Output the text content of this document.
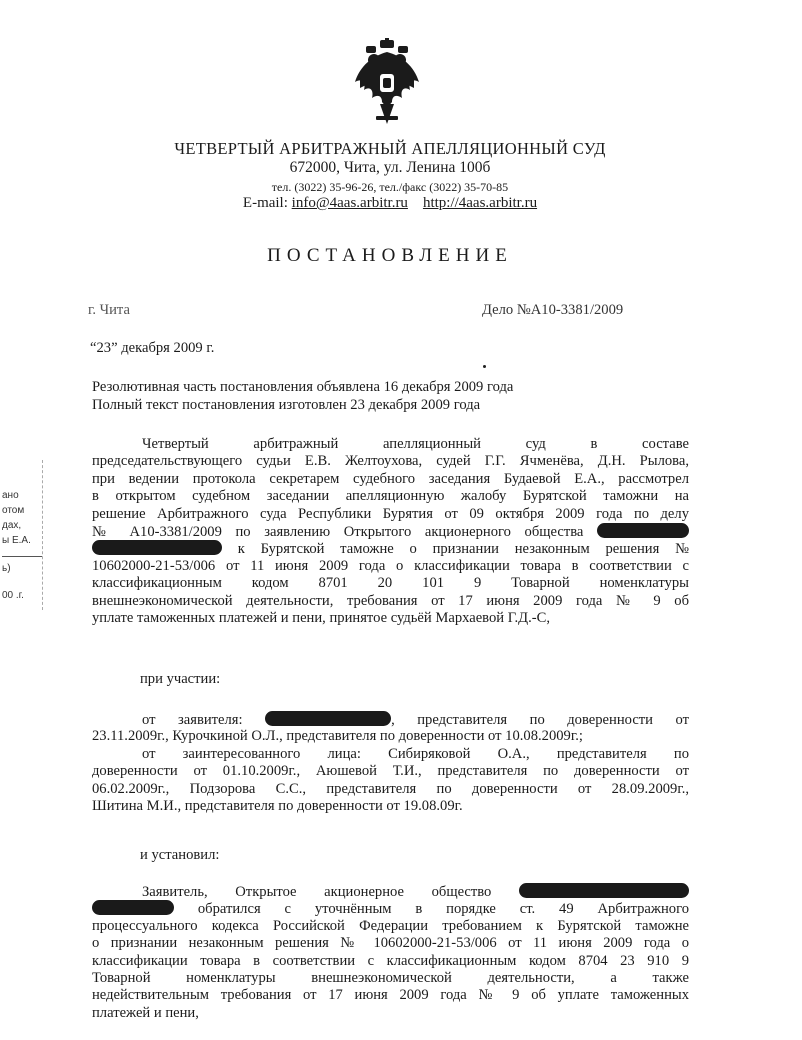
ЧЕТВЕРТЫЙ АРБИТРАЖНЫЙ АПЕЛЛЯЦИОННЫЙ СУД
672000, Чита, ул. Ленина 100б
тел. (3022) 35-96-26, тел./факс (3022) 35-70-85
E-mail: info@4aas.arbitr.ru http://4aas.arbitr.ru
ПОСТАНОВЛЕНИЕ
г. Чита	Дело №А10-3381/2009
“23” декабря 2009 г.
Резолютивная часть постановления объявлена 16 декабря 2009 года
Полный текст постановления изготовлен 23 декабря 2009 года
Четвертый арбитражный апелляционный суд в составе
председательствующего судьи Е.В. Желтоухова, судей Г.Г. Ячменёва, Д.Н. Рылова,
при ведении протокола секретарем судебного заседания Будаевой Е.А., рассмотрел
в открытом судебном заседании апелляционную жалобу Бурятской таможни на
решение Арбитражного суда Республики Бурятия от 09 октября 2009 года по делу
№ А10-3381/2009 по заявлению Открытого акционерного общества
к Бурятской таможне о признании незаконным решения №
10602000-21-53/006 от 11 июня 2009 года о классификации товара в соответствии с
классификационным кодом 8701 20 101 9 Товарной номенклатуры
внешнеэкономической деятельности, требования от 17 июня 2009 года № 9 об
уплате таможенных платежей и пени, принятое судьёй Мархаевой Г.Д.-С,
при участии:
от заявителя:	, представителя по доверенности от
23.11.2009г., Курочкиной О.Л., представителя по доверенности от 10.08.2009г.;
от заинтересованного лица: Сибиряковой О.А., представителя по
доверенности от 01.10.2009г., Аюшевой Т.И., представителя по доверенности от
06.02.2009г., Подзорова С.С., представителя по доверенности от 28.09.2009г.,
Шитина М.И., представителя по доверенности от 19.08.09г.
и установил:
Заявитель, Открытое акционерное общество
обратился с уточнённым в порядке ст. 49 Арбитражного
процессуального кодекса Российской Федерации требованием к Бурятской таможне
о признании незаконным решения № 10602000-21-53/006 от 11 июня 2009 года о
классификации товара в соответствии с классификационным кодом 8704 23 910 9
Товарной номенклатуры внешнеэкономической деятельности, а также
недействительным требования от 17 июня 2009 года № 9 об уплате таможенных
платежей и пени,
ано
отом
дах,
ы Е.А.
ь)
00 .г.
